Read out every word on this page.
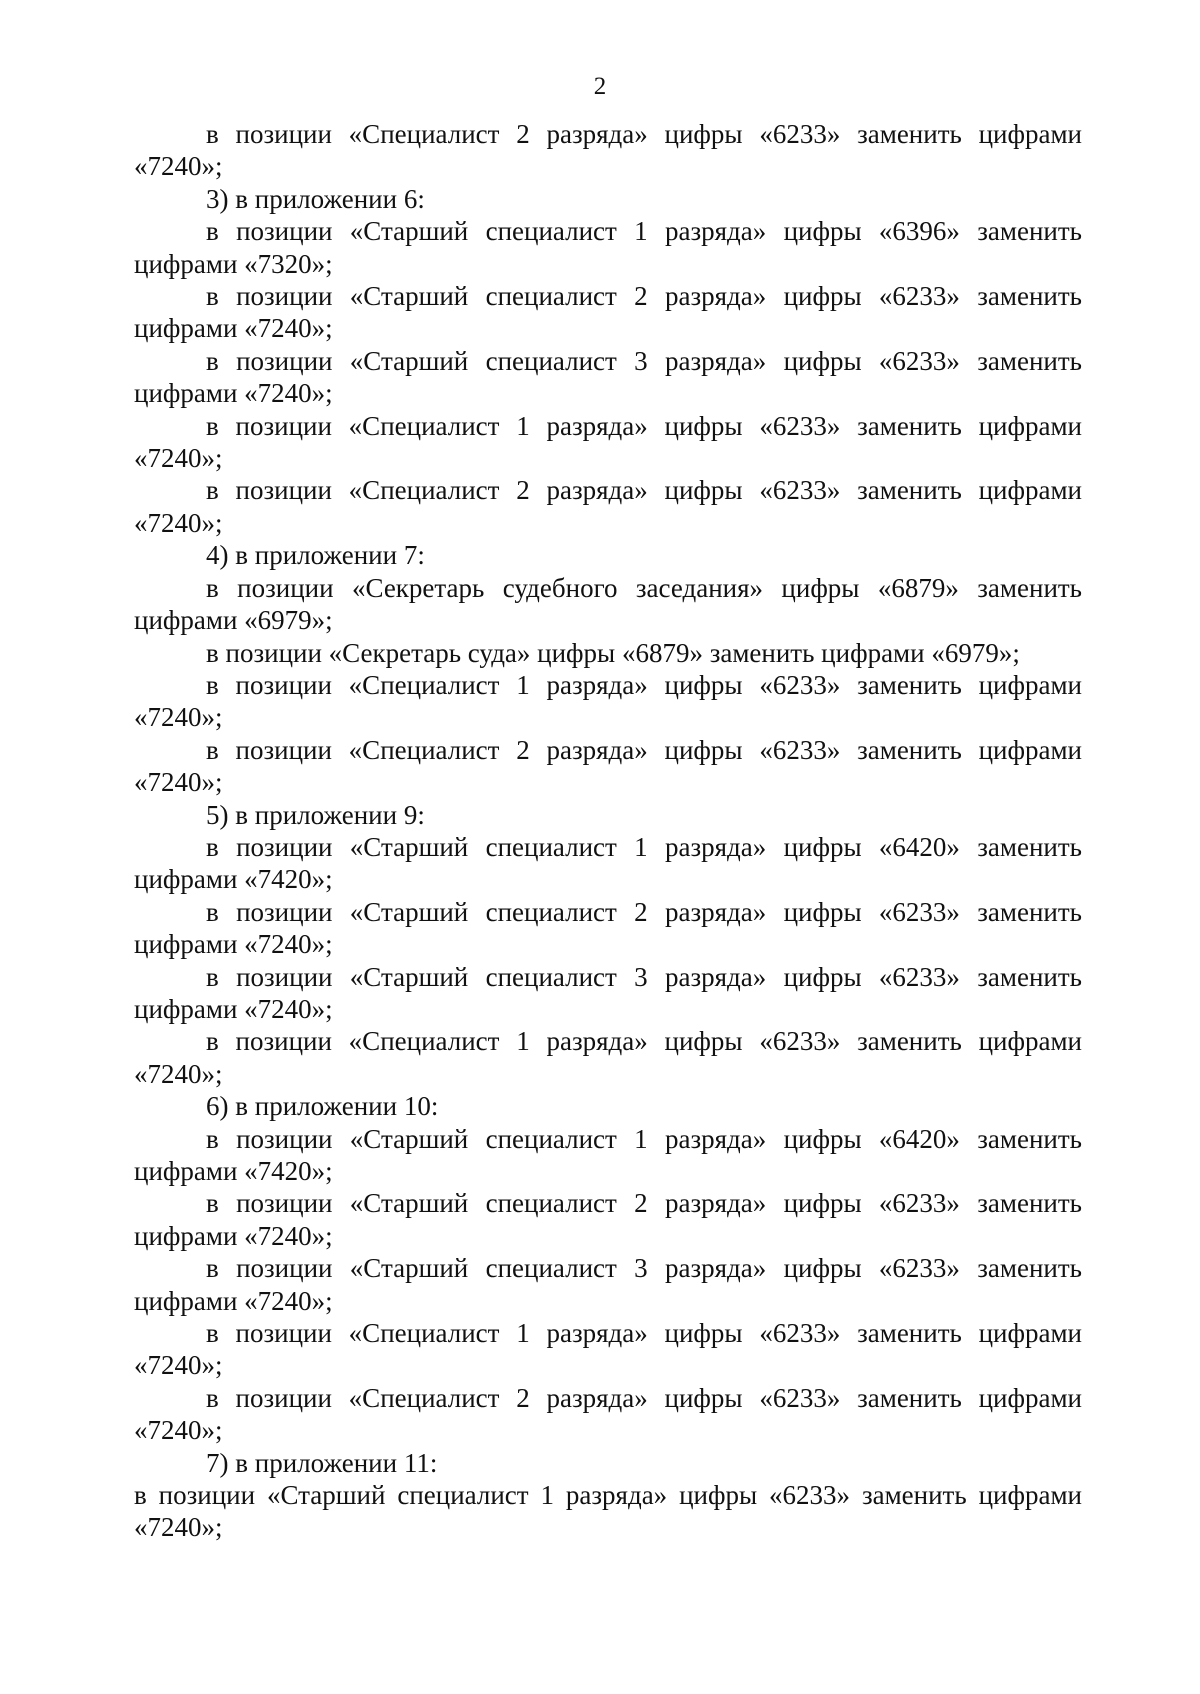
2

в позиции «Специалист 2 разряда» цифры «6233» заменить цифрами «7240»;

3) в приложении 6:

в позиции «Старший специалист 1 разряда» цифры «6396» заменить цифрами «7320»;

в позиции «Старший специалист 2 разряда» цифры «6233» заменить цифрами «7240»;

в позиции «Старший специалист 3 разряда» цифры «6233» заменить цифрами «7240»;

в позиции «Специалист 1 разряда» цифры «6233» заменить цифрами «7240»;

в позиции «Специалист 2 разряда» цифры «6233» заменить цифрами «7240»;

4) в приложении 7:

в позиции «Секретарь судебного заседания» цифры «6879» заменить цифрами «6979»;

в позиции «Секретарь суда» цифры «6879» заменить цифрами «6979»;

в позиции «Специалист 1 разряда» цифры «6233» заменить цифрами «7240»;

в позиции «Специалист 2 разряда» цифры «6233» заменить цифрами «7240»;

5) в приложении 9:

в позиции «Старший специалист 1 разряда» цифры «6420» заменить цифрами «7420»;

в позиции «Старший специалист 2 разряда» цифры «6233» заменить цифрами «7240»;

в позиции «Старший специалист 3 разряда» цифры «6233» заменить цифрами «7240»;

в позиции «Специалист 1 разряда» цифры «6233» заменить цифрами «7240»;

6) в приложении 10:

в позиции «Старший специалист 1 разряда» цифры «6420» заменить цифрами «7420»;

в позиции «Старший специалист 2 разряда» цифры «6233» заменить цифрами «7240»;

в позиции «Старший специалист 3 разряда» цифры «6233» заменить цифрами «7240»;

в позиции «Специалист 1 разряда» цифры «6233» заменить цифрами «7240»;

в позиции «Специалист 2 разряда» цифры «6233» заменить цифрами «7240»;

7) в приложении 11:

в позиции «Старший специалист 1 разряда» цифры «6233» заменить цифрами «7240»;
